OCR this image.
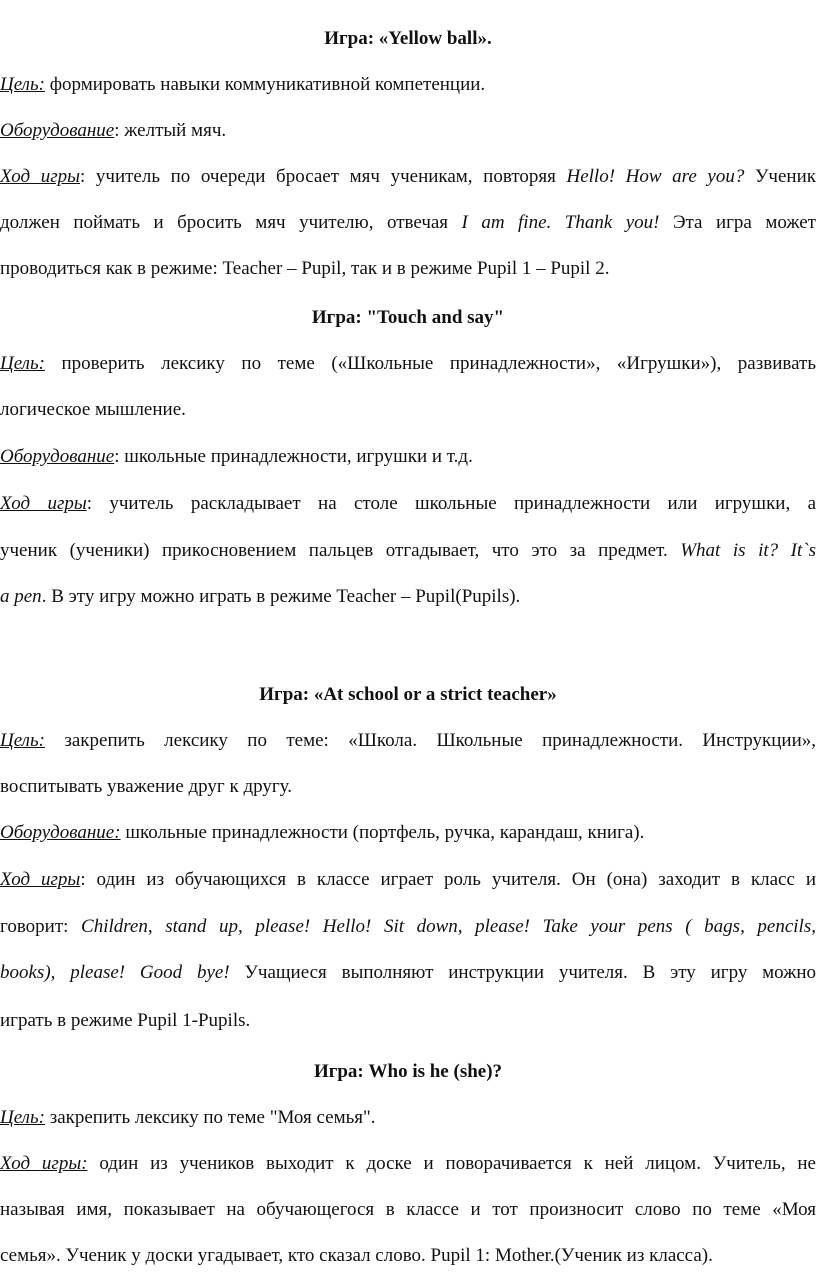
Игра: «Yellow ball».
Цель: формировать навыки коммуникативной компетенции.
Оборудование: желтый мяч.
Ход игры: учитель по очереди бросает мяч ученикам, повторяя Hello! How are you? Ученик
должен поймать и бросить мяч учителю, отвечая I am fine. Thank you! Эта игра может
проводиться как в режиме: Teacher – Pupil, так и в режиме Pupil 1 – Pupil 2.
Игра: "Touch and say"
Цель: проверить лексику по теме («Школьные принадлежности», «Игрушки»), развивать
логическое мышление.
Оборудование: школьные принадлежности, игрушки и т.д.
Ход игры: учитель раскладывает на столе школьные принадлежности или игрушки, а
ученик (ученики) прикосновением пальцев отгадывает, что это за предмет. What is it? It`s
a pen. В эту игру можно играть в режиме Teacher – Pupil(Pupils).
Игра: «At school or a strict teacher»
Цель: закрепить лексику по теме: «Школа. Школьные принадлежности. Инструкции»,
воспитывать уважение друг к другу.
Оборудование: школьные принадлежности (портфель, ручка, карандаш, книга).
Ход игры: один из обучающихся в классе играет роль учителя. Он (она) заходит в класс и
говорит: Children, stand up, please! Hello! Sit down, please! Take your pens ( bags, pencils,
books), please! Good bye! Учащиеся выполняют инструкции учителя. В эту игру можно
играть в режиме Pupil 1-Pupils.
Игра: Who is he (she)?
Цель: закрепить лексику по теме "Моя семья".
Ход игры: один из учеников выходит к доске и поворачивается к ней лицом. Учитель, не
называя имя, показывает на обучающегося в классе и тот произносит слово по теме «Моя
семья». Ученик у доски угадывает, кто сказал слово. Pupil 1: Mother.(Ученик из класса).
